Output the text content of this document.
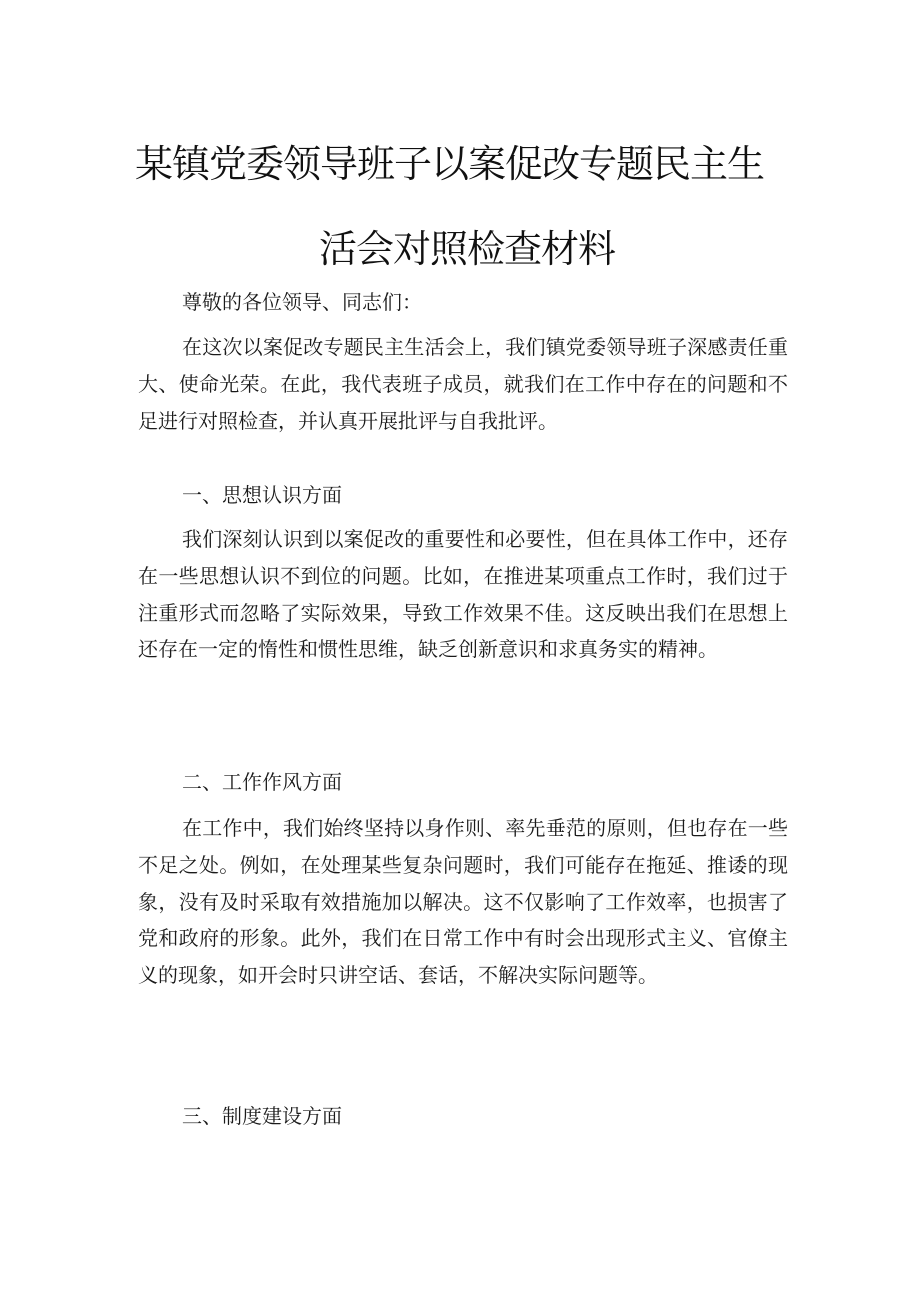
某镇党委领导班子以案促改专题民主生
活会对照检查材料

尊敬的各位领导、同志们：

在这次以案促改专题民主生活会上，我们镇党委领导班子深感责任重大、使命光荣。在此，我代表班子成员，就我们在工作中存在的问题和不足进行对照检查，并认真开展批评与自我批评。

一、思想认识方面

我们深刻认识到以案促改的重要性和必要性，但在具体工作中，还存在一些思想认识不到位的问题。比如，在推进某项重点工作时，我们过于注重形式而忽略了实际效果，导致工作效果不佳。这反映出我们在思想上还存在一定的惰性和惯性思维，缺乏创新意识和求真务实的精神。

二、工作作风方面

在工作中，我们始终坚持以身作则、率先垂范的原则，但也存在一些不足之处。例如，在处理某些复杂问题时，我们可能存在拖延、推诿的现象，没有及时采取有效措施加以解决。这不仅影响了工作效率，也损害了党和政府的形象。此外，我们在日常工作中有时会出现形式主义、官僚主义的现象，如开会时只讲空话、套话，不解决实际问题等。

三、制度建设方面
